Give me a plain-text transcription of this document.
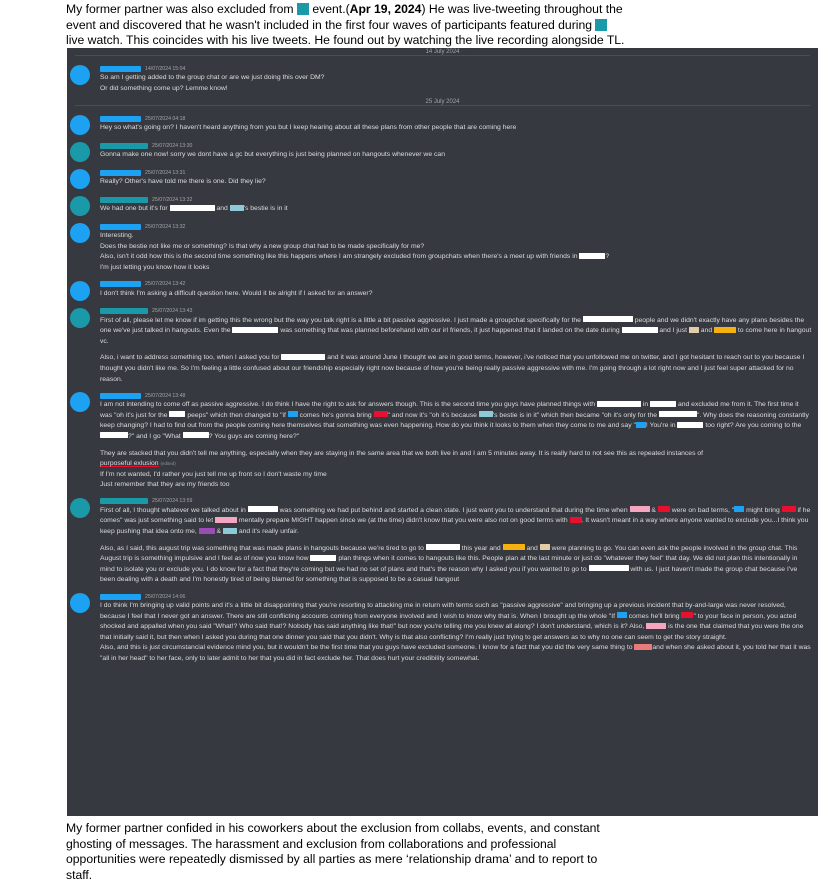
My former partner was also excluded from event.(Apr 19, 2024) He was live-tweeting throughout the event and discovered that he wasn't included in the first four waves of participants featured during  live watch. This coincides with his live tweets. He found out by watching the live recording alongside TL.
14 July 2024
14/07/2024 15:04

So am I getting added to the group chat or are we just doing this over DM?

Or did something come up? Lemme know!

25 July 2024
25/07/2024 04:18

Hey so what's going on? I haven't heard anything from you but I keep hearing about all these plans from other people that are coming here

25/07/2024 13:30

Gonna make one now! sorry we dont have a gc but everything is just being planned on hangouts whenever we can

25/07/2024 13:31

Really? Other's have told me there is one. Did they lie?

25/07/2024 13:32

We had one but it's for	and 's bestie is in it

25/07/2024 13:32

Interesting.

Does the bestie not like me or something? Is that why a new group chat had to be made specifically for me?

Also, isn't it odd how this is the second time something like this happens where I am strangely excluded from groupchats when there's a meet up with friends in	?

I'm just letting you know how it looks

25/07/2024 13:42

I don't think I'm asking a difficult question here. Would it be alright if I asked for an answer?

25/07/2024 13:43

First of all, please let me know if im getting this the wrong but the way you talk right is a little a bit passive aggressive. I just made a groupchat specifically for the	people and we didn't exactly have any plans besides the one we've just talked in hangouts. Even the	was something that was planned beforehand with our irl friends, it just happened that it landed on the date during	and I just and	to come here in hangout vc.

Also, i want to address something too, when I asked you for	and it was around June I thought we are in good terms, however, i've noticed that you unfollowed me on twitter, and I got hesitant to reach out to you because I thought you didn't like me. So I'm feeling a little confused about our friendship especially right now because of how you're being really passive aggressive with me. I'm going through a lot right now and I just feel super attacked for no reason.

25/07/2024 13:48

I am not intending to come off as passive aggressive. I do think I have the right to ask for answers though. This is the second time you guys have planned things with	in	and excluded me from it. The first time it was "oh it's just for the	peeps" which then changed to "if comes he's gonna bring " and now it's "oh it's because 's bestie is in it" which then became "oh it's only for the	". Why does the reasoning constantly keep changing? I had to find out from the people coming here themselves that something was even happening. How do you think it looks to them when they come to me and say " ! You're in	too right? Are you coming to the ?" and I go "What	? You guys are coming here?"

They are stacked that you didn't tell me anything, especially when they are staying in the same area that we both live in and I am 5 minutes away. It is really hard to not see this as repeated instances of

purposeful exlusion (edited)

If I'm not wanted, I'd rather you just tell me up front so I don't waste my time

Just remember that they are my friends too

25/07/2024 13:59

First of all, I thought whatever we talked about in	was something we had put behind and started a clean state. I just want you to understand that during the time when	& were on bad terms, " might bring	if he comes" was just something said to let	mentally prepare MIGHT happen since we (at the time) didn't know that you were also not on good terms with . It wasn't meant in a way where anyone wanted to exclude you...I think you keep pushing that idea onto me,	&	and it's really unfair.

Also, as I said, this august trip was something that was made plans in hangouts because we're tired to go to	this year and	and were planning to go. You can even ask the people involved in the group chat. This August trip is something impulsive and I feel as of now you know how	plan things when it comes to hangouts like this. People plan at the last minute or just do "whatever they feel" that day. We did not plan this intentionally in mind to isolate you or exclude you. I do know for a fact that they're coming but we had no set of plans and that's the reason why I asked you if you wanted to go to	with us. I just haven't made the group chat because I've been dealing with a death and I'm honestly tired of being blamed for something that is supposed to be a casual hangout

25/07/2024 14:06

I do think I'm bringing up valid points and it's a little bit disappointing that you're resorting to attacking me in return with terms such as "passive aggressive" and bringing up a previous incident that by-and-large was never resolved, because I feel that I never got an answer. There are still conflicting accounts coming from everyone involved and I wish to know why that is. When I brought up the whole "If comes he'll bring " to your face in person, you acted shocked and appalled when you said "What!? Who said that!? Nobody has said anything like that!" but now you're telling me you knew all along? I don't understand, which is it? Also,	is the one that claimed that you were the one that initially said it, but then when I asked you during that one dinner you said that you didn't. Why is that also conflicting? I'm really just trying to get answers as to why no one can seem to get the story straight.

Also, and this is just circumstancial evidence mind you, but it wouldn't be the first time that you guys have excluded someone. I know for a fact that you did the very same thing to	and when she asked about it, you told her that it was "all in her head" to her face, only to later admit to her that you did in fact exclude her. That does hurt your credibility somewhat.

My former partner confided in his coworkers about the exclusion from collabs, events, and constant ghosting of messages. The harassment and exclusion from collaborations and professional opportunities were repeatedly dismissed by all parties as mere ‘relationship drama’ and to report to staff.
